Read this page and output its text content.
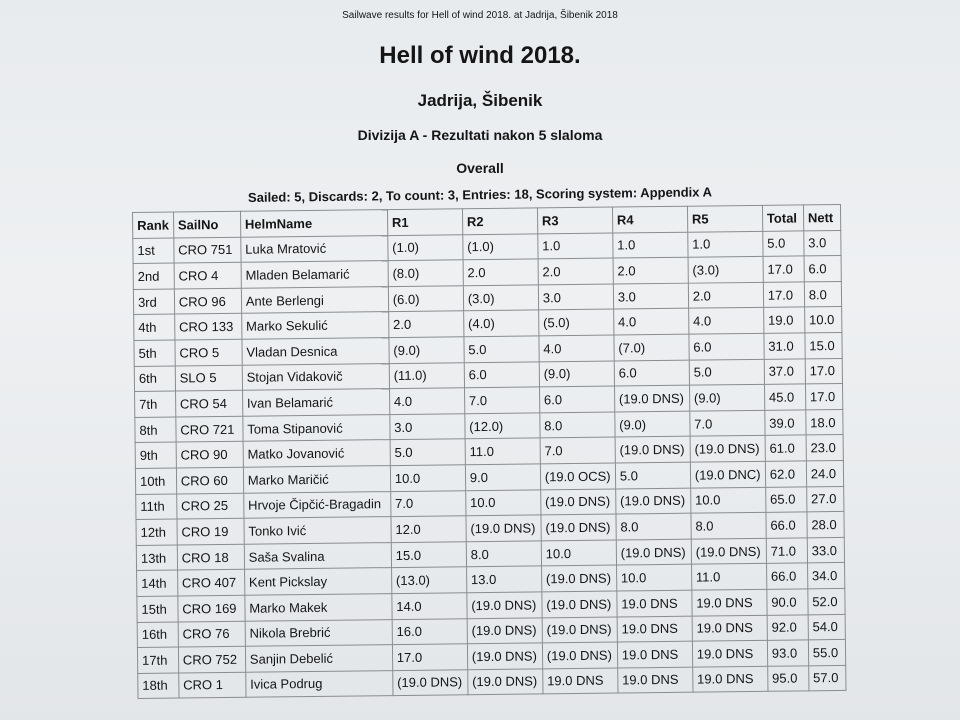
Sailwave results for Hell of wind 2018. at Jadrija, Šibenik 2018
Hell of wind 2018.
Jadrija, Šibenik
Divizija A - Rezultati nakon 5 slaloma
Overall
Sailed: 5, Discards: 2, To count: 3, Entries: 18, Scoring system: Appendix A
Rank	SailNo	HelmName	R1	R2	R3	R4	R5	Total	Nett
1st	CRO 751	Luka Mratović	(1.0)	(1.0)	1.0	1.0	1.0	5.0	3.0
2nd	CRO 4	Mladen Belamarić	(8.0)	2.0	2.0	2.0	(3.0)	17.0	6.0
3rd	CRO 96	Ante Berlengi	(6.0)	(3.0)	3.0	3.0	2.0	17.0	8.0
4th	CRO 133	Marko Sekulić	2.0	(4.0)	(5.0)	4.0	4.0	19.0	10.0
5th	CRO 5	Vladan Desnica	(9.0)	5.0	4.0	(7.0)	6.0	31.0	15.0
6th	SLO 5	Stojan Vidakovič	(11.0)	6.0	(9.0)	6.0	5.0	37.0	17.0
7th	CRO 54	Ivan Belamarić	4.0	7.0	6.0	(19.0 DNS)	(9.0)	45.0	17.0
8th	CRO 721	Toma Stipanović	3.0	(12.0)	8.0	(9.0)	7.0	39.0	18.0
9th	CRO 90	Matko Jovanović	5.0	11.0	7.0	(19.0 DNS)	(19.0 DNS)	61.0	23.0
10th	CRO 60	Marko Maričić	10.0	9.0	(19.0 OCS)	5.0	(19.0 DNC)	62.0	24.0
11th	CRO 25	Hrvoje Čipčić-Bragadin	7.0	10.0	(19.0 DNS)	(19.0 DNS)	10.0	65.0	27.0
12th	CRO 19	Tonko Ivić	12.0	(19.0 DNS)	(19.0 DNS)	8.0	8.0	66.0	28.0
13th	CRO 18	Saša Svalina	15.0	8.0	10.0	(19.0 DNS)	(19.0 DNS)	71.0	33.0
14th	CRO 407	Kent Pickslay	(13.0)	13.0	(19.0 DNS)	10.0	11.0	66.0	34.0
15th	CRO 169	Marko Makek	14.0	(19.0 DNS)	(19.0 DNS)	19.0 DNS	19.0 DNS	90.0	52.0
16th	CRO 76	Nikola Brebrić	16.0	(19.0 DNS)	(19.0 DNS)	19.0 DNS	19.0 DNS	92.0	54.0
17th	CRO 752	Sanjin Debelić	17.0	(19.0 DNS)	(19.0 DNS)	19.0 DNS	19.0 DNS	93.0	55.0
18th	CRO 1	Ivica Podrug	(19.0 DNS)	(19.0 DNS)	19.0 DNS	19.0 DNS	19.0 DNS	95.0	57.0
